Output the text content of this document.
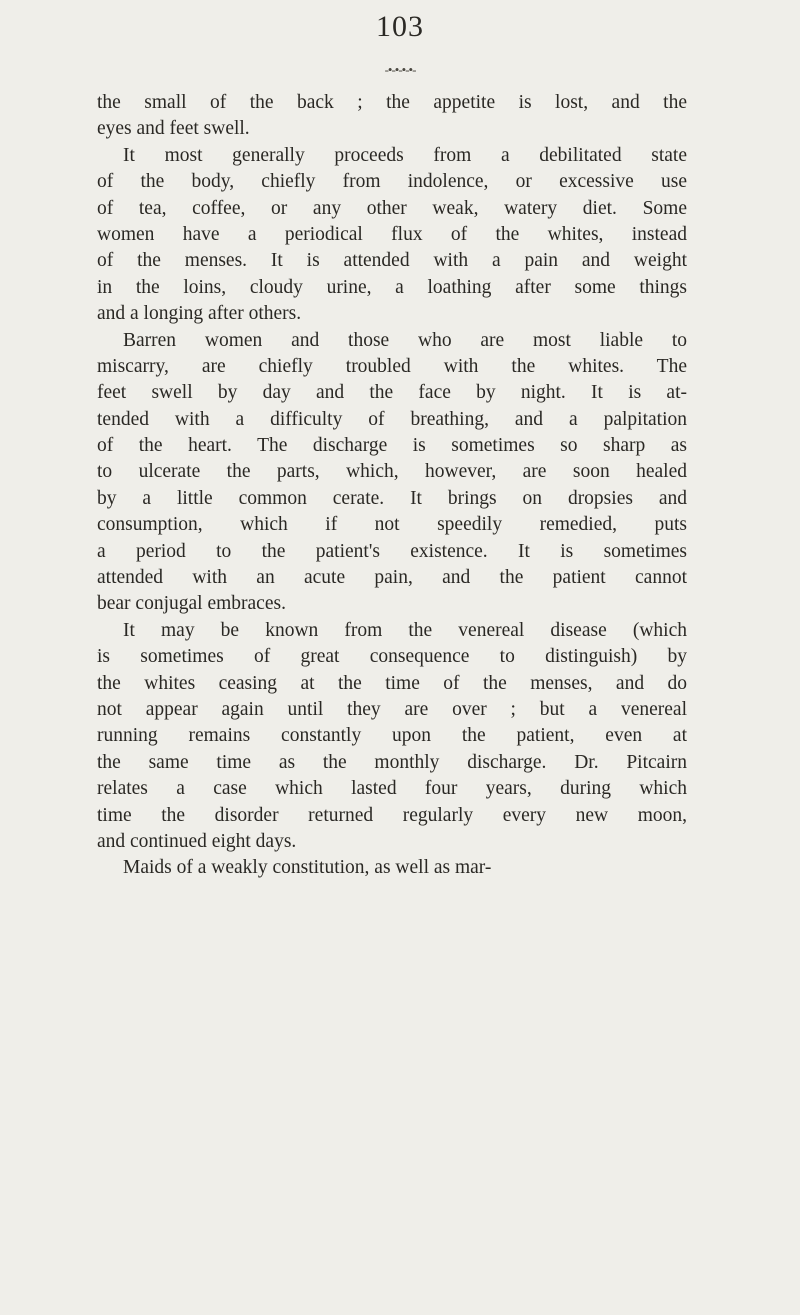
103
-•-•-•-•-
the small of the back ; the appetite is lost, and the
eyes and feet swell.
It most generally proceeds from a debilitated state
of the body, chiefly from indolence, or excessive use
of tea, coffee, or any other weak, watery diet. Some
women have a periodical flux of the whites, instead
of the menses. It is attended with a pain and weight
in the loins, cloudy urine, a loathing after some things
and a longing after others.
Barren women and those who are most liable to
miscarry, are chiefly troubled with the whites. The
feet swell by day and the face by night. It is at-
tended with a difficulty of breathing, and a palpitation
of the heart. The discharge is sometimes so sharp as
to ulcerate the parts, which, however, are soon healed
by a little common cerate. It brings on dropsies and
consumption, which if not speedily remedied, puts
a period to the patient's existence. It is sometimes
attended with an acute pain, and the patient cannot
bear conjugal embraces.
It may be known from the venereal disease (which
is sometimes of great consequence to distinguish) by
the whites ceasing at the time of the menses, and do
not appear again until they are over ; but a venereal
running remains constantly upon the patient, even at
the same time as the monthly discharge. Dr. Pitcairn
relates a case which lasted four years, during which
time the disorder returned regularly every new moon,
and continued eight days.
Maids of a weakly constitution, as well as mar-
